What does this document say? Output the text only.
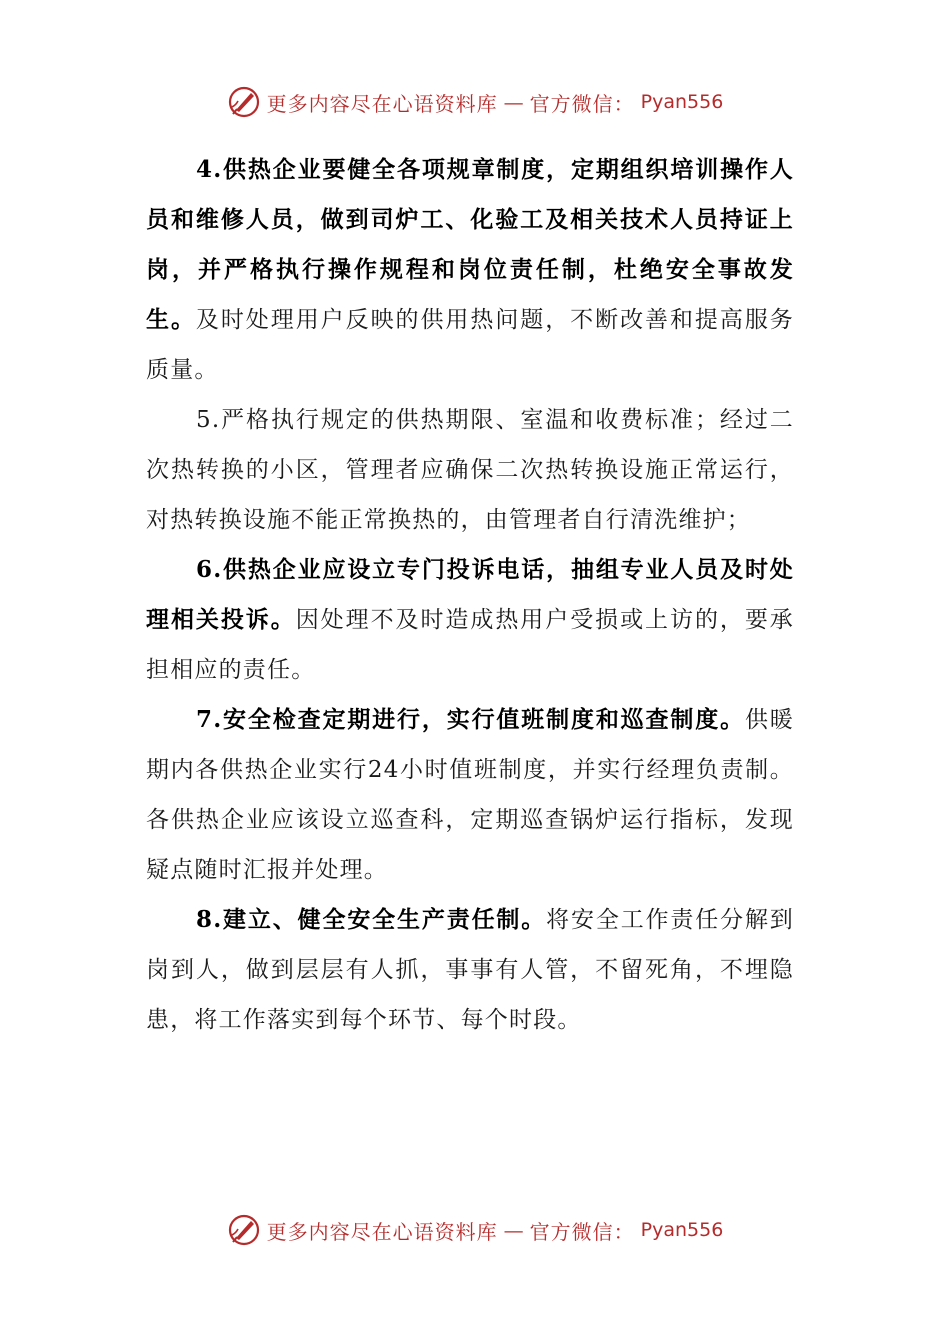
更多内容尽在心语资料库 — 官方微信： Pyan556

4.供热企业要健全各项规章制度，定期组织培训操作人员和维修人员，做到司炉工、化验工及相关技术人员持证上岗，并严格执行操作规程和岗位责任制，杜绝安全事故发生。及时处理用户反映的供用热问题，不断改善和提高服务质量。

5.严格执行规定的供热期限、室温和收费标准；经过二次热转换的小区，管理者应确保二次热转换设施正常运行，对热转换设施不能正常换热的，由管理者自行清洗维护；

6.供热企业应设立专门投诉电话，抽组专业人员及时处理相关投诉。因处理不及时造成热用户受损或上访的，要承担相应的责任。

7.安全检查定期进行，实行值班制度和巡查制度。供暖期内各供热企业实行24小时值班制度，并实行经理负责制。各供热企业应该设立巡查科，定期巡查锅炉运行指标，发现疑点随时汇报并处理。

8.建立、健全安全生产责任制。将安全工作责任分解到岗到人，做到层层有人抓，事事有人管，不留死角，不埋隐患，将工作落实到每个环节、每个时段。

更多内容尽在心语资料库 — 官方微信： Pyan556
